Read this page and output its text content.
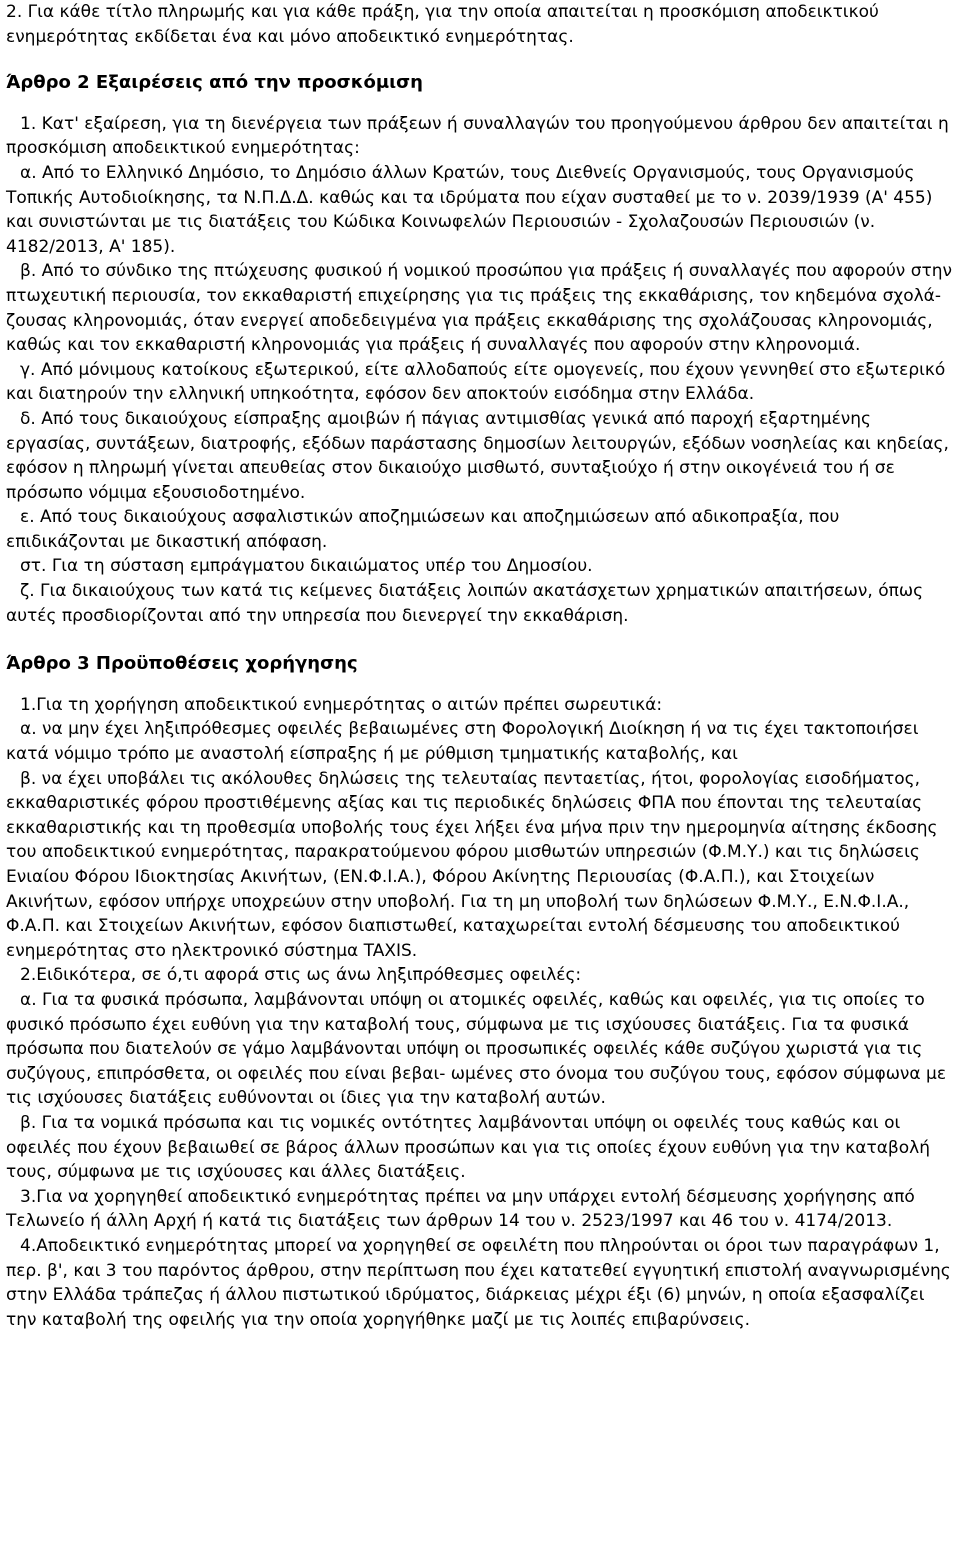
2. Για κάθε τίτλο πληρωμής και για κάθε πράξη, για την οποία απαιτείται η προσκόμιση αποδεικτικού ενημερότητας εκδίδεται ένα και μόνο αποδεικτικό ενημερότητας.

Άρθρο 2 Εξαιρέσεις από την προσκόμιση

1. Κατ' εξαίρεση, για τη διενέργεια των πράξεων ή συναλλαγών του προηγούμενου άρθρου δεν απαιτείται η προσκόμιση αποδεικτικού ενημερότητας:

α. Από το Ελληνικό Δημόσιο, το Δημόσιο άλλων Κρατών, τους Διεθνείς Οργανισμούς, τους Οργανισμούς Τοπικής Αυτοδιοίκησης, τα Ν.Π.Δ.Δ. καθώς και τα ιδρύματα που είχαν συσταθεί με το ν. 2039/1939 (Α' 455) και συνιστώνται με τις διατάξεις του Κώδικα Κοινωφελών Περιουσιών - Σχολαζουσών Περιουσιών (ν. 4182/2013, Α' 185).

β. Από το σύνδικο της πτώχευσης φυσικού ή νομικού προσώπου για πράξεις ή συναλλαγές που αφορούν στην πτωχευτική περιουσία, τον εκκαθαριστή επιχείρησης για τις πράξεις της εκκαθάρισης, τον κηδεμόνα σχολά- ζουσας κληρονομιάς, όταν ενεργεί αποδεδειγμένα για πράξεις εκκαθάρισης της σχολάζουσας κληρονομιάς, καθώς και τον εκκαθαριστή κληρονομιάς για πράξεις ή συναλλαγές που αφορούν στην κληρονομιά.

γ. Από μόνιμους κατοίκους εξωτερικού, είτε αλλοδαπούς είτε ομογενείς, που έχουν γεννηθεί στο εξωτερικό και διατηρούν την ελληνική υπηκοότητα, εφόσον δεν αποκτούν εισόδημα στην Ελλάδα.

δ. Από τους δικαιούχους είσπραξης αμοιβών ή πάγιας αντιμισθίας γενικά από παροχή εξαρτημένης εργασίας, συντάξεων, διατροφής, εξόδων παράστασης δημοσίων λειτουργών, εξόδων νοσηλείας και κηδείας, εφόσον η πληρωμή γίνεται απευθείας στον δικαιούχο μισθωτό, συνταξιούχο ή στην οικογένειά του ή σε πρόσωπο νόμιμα εξουσιοδοτημένο.

ε. Από τους δικαιούχους ασφαλιστικών αποζημιώσεων και αποζημιώσεων από αδικοπραξία, που επιδικάζονται με δικαστική απόφαση.

στ. Για τη σύσταση εμπράγματου δικαιώματος υπέρ του Δημοσίου.

ζ. Για δικαιούχους των κατά τις κείμενες διατάξεις λοιπών ακατάσχετων χρηματικών απαιτήσεων, όπως αυτές προσδιορίζονται από την υπηρεσία που διενεργεί την εκκαθάριση.

Άρθρο 3 Προϋποθέσεις χορήγησης

1.Για τη χορήγηση αποδεικτικού ενημερότητας ο αιτών πρέπει σωρευτικά:

α. να μην έχει ληξιπρόθεσμες οφειλές βεβαιωμένες στη Φορολογική Διοίκηση ή να τις έχει τακτοποιήσει κατά νόμιμο τρόπο με αναστολή είσπραξης ή με ρύθμιση τμηματικής καταβολής, και

β. να έχει υποβάλει τις ακόλουθες δηλώσεις της τελευταίας πενταετίας, ήτοι, φορολογίας εισοδήματος, εκκαθαριστικές φόρου προστιθέμενης αξίας και τις περιοδικές δηλώσεις ΦΠΑ που έπονται της τελευταίας εκκαθαριστικής και τη προθεσμία υποβολής τους έχει λήξει ένα μήνα πριν την ημερομηνία αίτησης έκδοσης του αποδεικτικού ενημερότητας, παρακρατούμενου φόρου μισθωτών υπηρεσιών (Φ.Μ.Υ.) και τις δηλώσεις Ενιαίου Φόρου Ιδιοκτησίας Ακινήτων, (ΕΝ.Φ.Ι.Α.), Φόρου Ακίνητης Περιουσίας (Φ.Α.Π.), και Στοιχείων Ακινήτων, εφόσον υπήρχε υποχρεώυν στην υποβολή. Για τη μη υποβολή των δηλώσεων Φ.Μ.Υ., Ε.Ν.Φ.Ι.Α., Φ.Α.Π. και Στοιχείων Ακινήτων, εφόσον διαπιστωθεί, καταχωρείται εντολή δέσμευσης του αποδεικτικού ενημερότητας στο ηλεκτρονικό σύστημα TAXIS.

2.Ειδικότερα, σε ό,τι αφορά στις ως άνω ληξιπρόθεσμες οφειλές:

α. Για τα φυσικά πρόσωπα, λαμβάνονται υπόψη οι ατομικές οφειλές, καθώς και οφειλές, για τις οποίες το φυσικό πρόσωπο έχει ευθύνη για την καταβολή τους, σύμφωνα με τις ισχύουσες διατάξεις. Για τα φυσικά πρόσωπα που διατελούν σε γάμο λαμβάνονται υπόψη οι προσωπικές οφειλές κάθε συζύγου χωριστά για τις συζύγους, επιπρόσθετα, οι οφειλές που είναι βεβαι- ωμένες στο όνομα του συζύγου τους, εφόσον σύμφωνα με τις ισχύουσες διατάξεις ευθύνονται οι ίδιες για την καταβολή αυτών.

β. Για τα νομικά πρόσωπα και τις νομικές οντότητες λαμβάνονται υπόψη οι οφειλές τους καθώς και οι οφειλές που έχουν βεβαιωθεί σε βάρος άλλων προσώπων και για τις οποίες έχουν ευθύνη για την καταβολή τους, σύμφωνα με τις ισχύουσες και άλλες διατάξεις.

3.Για να χορηγηθεί αποδεικτικό ενημερότητας πρέπει να μην υπάρχει εντολή δέσμευσης χορήγησης από Τελωνείο ή άλλη Αρχή ή κατά τις διατάξεις των άρθρων 14 του ν. 2523/1997 και 46 του ν. 4174/2013.

4.Αποδεικτικό ενημερότητας μπορεί να χορηγηθεί σε οφειλέτη που πληρούνται οι όροι των παραγράφων 1, περ. β', και 3 του παρόντος άρθρου, στην περίπτωση που έχει κατατεθεί εγγυητική επιστολή αναγνωρισμένης στην Ελλάδα τράπεζας ή άλλου πιστωτικού ιδρύματος, διάρκειας μέχρι έξι (6) μηνών, η οποία εξασφαλίζει την καταβολή της οφειλής για την οποία χορηγήθηκε μαζί με τις λοιπές επιβαρύνσεις.
